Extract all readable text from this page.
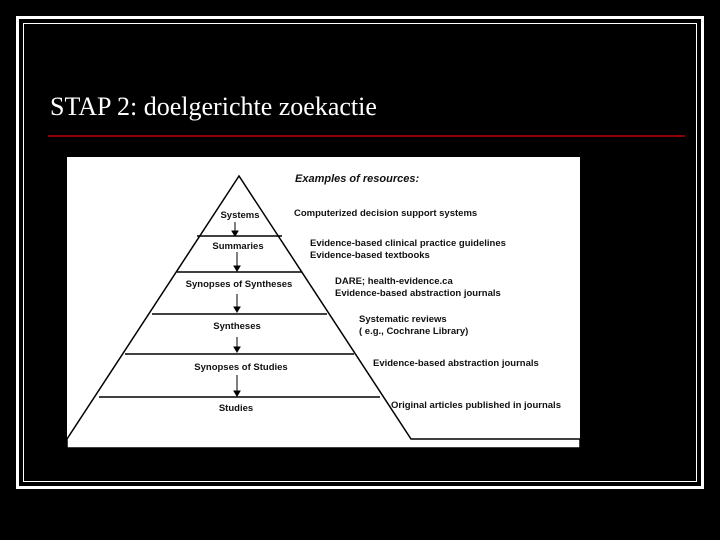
STAP 2: doelgerichte zoekactie
Systems
Summaries
Synopses of Syntheses
Syntheses
Synopses of Studies
Studies
Examples of resources:
Computerized decision support systems
Evidence-based clinical practice guidelines
Evidence-based textbooks
DARE; health-evidence.ca
Evidence-based abstraction journals
Systematic reviews
( e.g., Cochrane Library)
Evidence-based abstraction journals
Original articles published in journals
